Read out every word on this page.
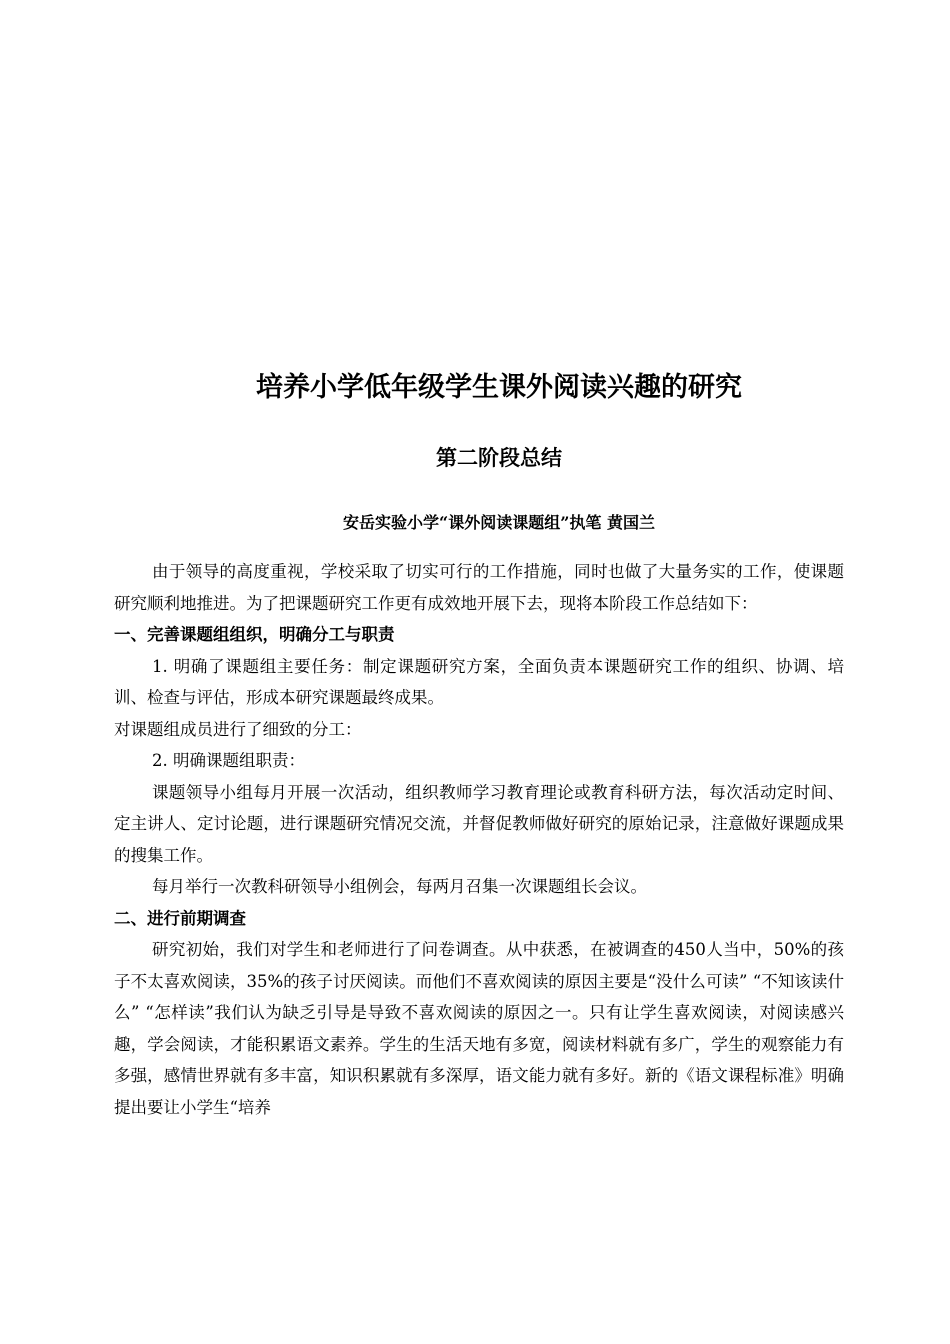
培养小学低年级学生课外阅读兴趣的研究
第二阶段总结
安岳实验小学“课外阅读课题组”执笔 黄国兰

由于领导的高度重视，学校采取了切实可行的工作措施，同时也做了大量务实的工作，使课题研究顺利地推进。为了把课题研究工作更有成效地开展下去，现将本阶段工作总结如下：

一、完善课题组组织，明确分工与职责

1. 明确了课题组主要任务：制定课题研究方案，全面负责本课题研究工作的组织、协调、培训、检查与评估，形成本研究课题最终成果。

对课题组成员进行了细致的分工：

2. 明确课题组职责：

课题领导小组每月开展一次活动，组织教师学习教育理论或教育科研方法，每次活动定时间、定主讲人、定讨论题，进行课题研究情况交流，并督促教师做好研究的原始记录，注意做好课题成果的搜集工作。

每月举行一次教科研领导小组例会，每两月召集一次课题组长会议。

二、进行前期调查

研究初始，我们对学生和老师进行了问卷调查。从中获悉，在被调查的450人当中，50%的孩子不太喜欢阅读，35%的孩子讨厌阅读。而他们不喜欢阅读的原因主要是“没什么可读” “不知该读什么” “怎样读”我们认为缺乏引导是导致不喜欢阅读的原因之一。只有让学生喜欢阅读，对阅读感兴趣，学会阅读，才能积累语文素养。学生的生活天地有多宽，阅读材料就有多广，学生的观察能力有多强，感情世界就有多丰富，知识积累就有多深厚，语文能力就有多好。新的《语文课程标准》明确提出要让小学生“培养
